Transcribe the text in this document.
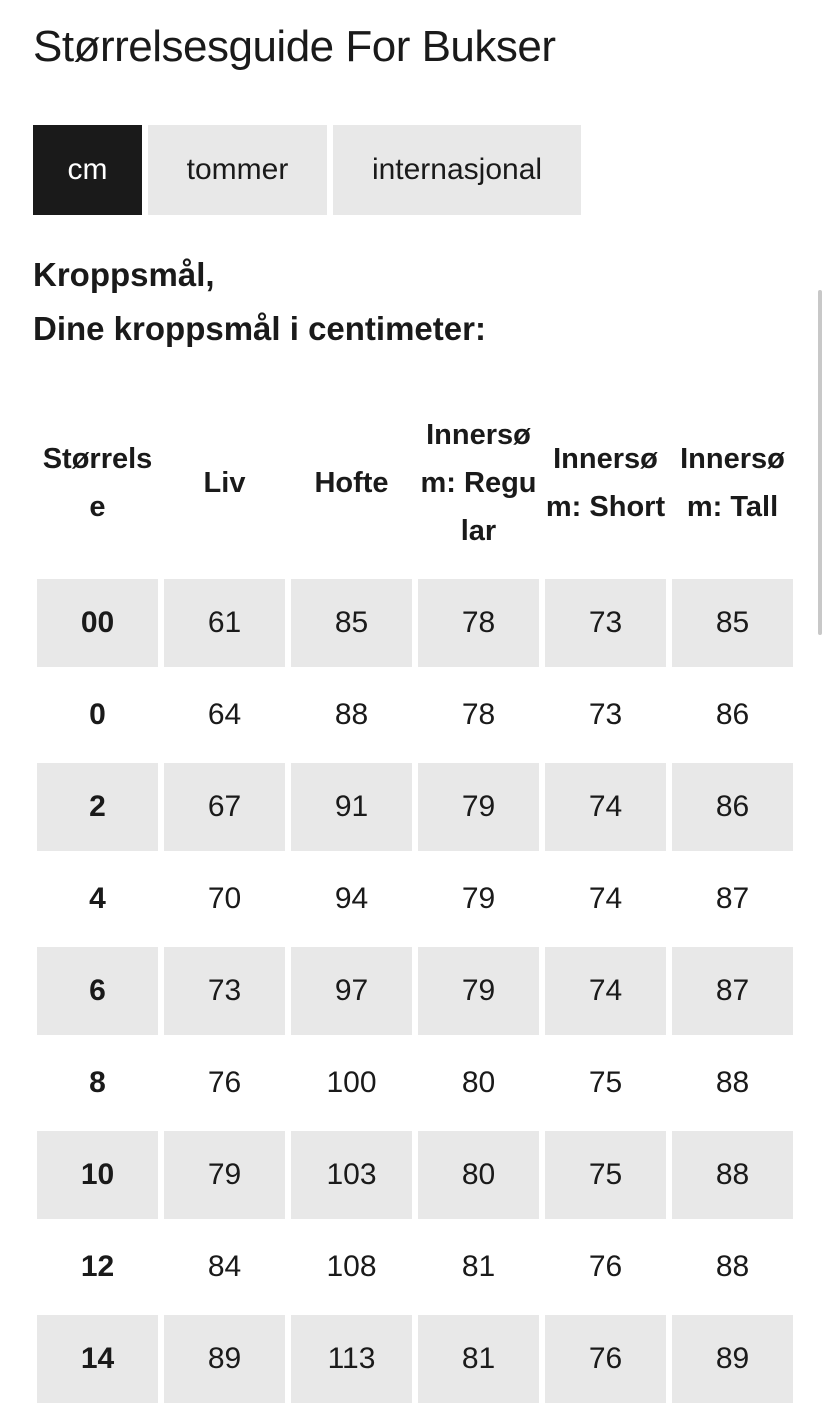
Størrelsesguide For Bukser
cm	tommer	internasjonal
Kroppsmål,
Dine kroppsmål i centimeter:
Størrelse	Liv	Hofte	Innersøm: Regular	Innersøm: Short	Innersøm: Tall
00	61	85	78	73	85
0	64	88	78	73	86
2	67	91	79	74	86
4	70	94	79	74	87
6	73	97	79	74	87
8	76	100	80	75	88
10	79	103	80	75	88
12	84	108	81	76	88
14	89	113	81	76	89
